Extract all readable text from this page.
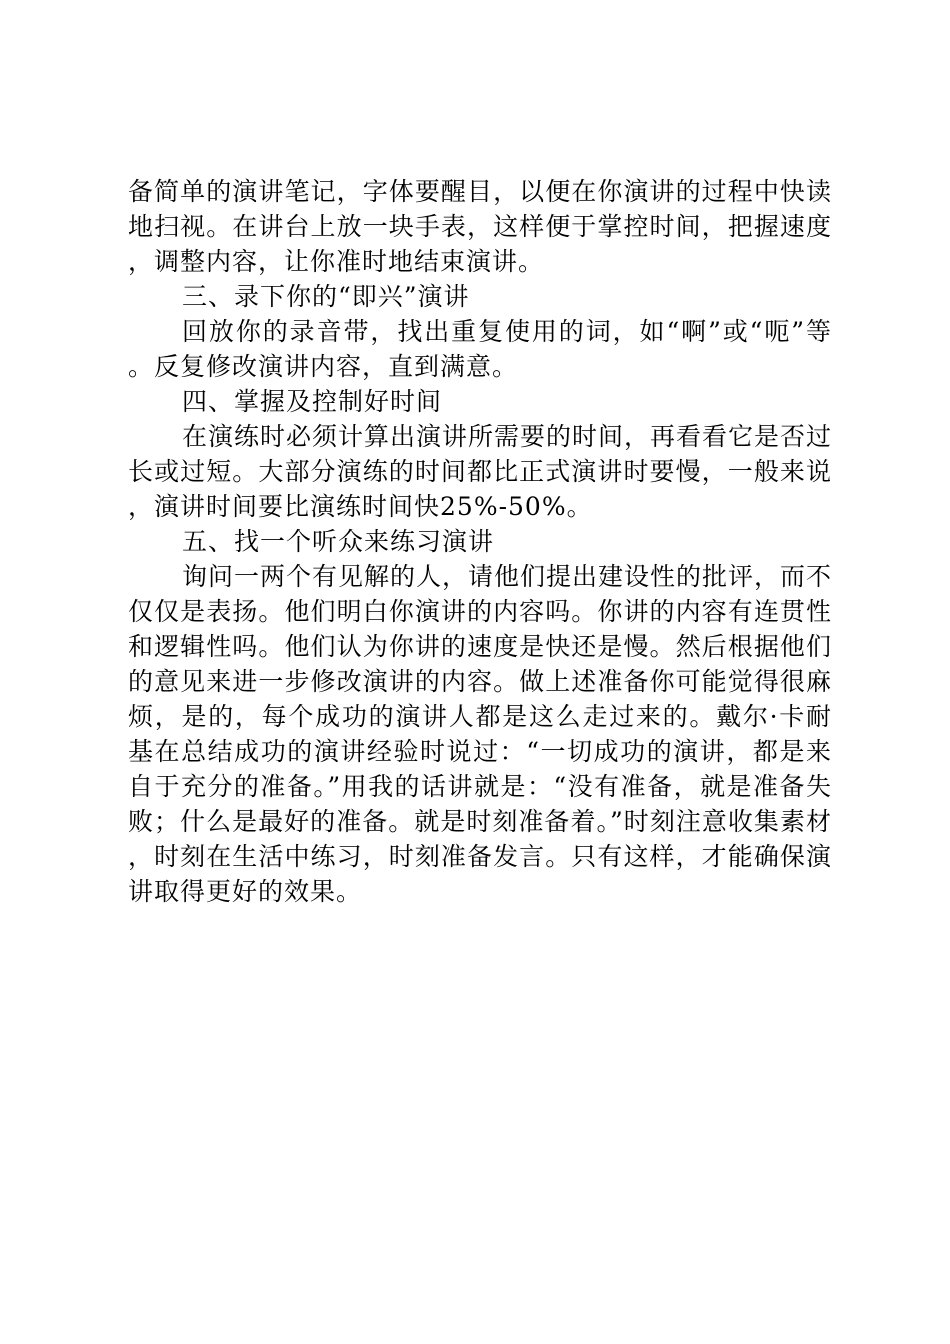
备简单的演讲笔记，字体要醒目，以便在你演讲的过程中快读地扫视。在讲台上放一块手表，这样便于掌控时间，把握速度，调整内容，让你准时地结束演讲。

三、录下你的“即兴”演讲

回放你的录音带，找出重复使用的词，如“啊”或“呃”等。反复修改演讲内容，直到满意。

四、掌握及控制好时间

在演练时必须计算出演讲所需要的时间，再看看它是否过长或过短。大部分演练的时间都比正式演讲时要慢，一般来说，演讲时间要比演练时间快25%-50%。

五、找一个听众来练习演讲

询问一两个有见解的人，请他们提出建设性的批评，而不仅仅是表扬。他们明白你演讲的内容吗。你讲的内容有连贯性和逻辑性吗。他们认为你讲的速度是快还是慢。然后根据他们的意见来进一步修改演讲的内容。做上述准备你可能觉得很麻烦，是的，每个成功的演讲人都是这么走过来的。戴尔·卡耐基在总结成功的演讲经验时说过：“一切成功的演讲，都是来自于充分的准备。”用我的话讲就是：“没有准备，就是准备失败；什么是最好的准备。就是时刻准备着。”时刻注意收集素材，时刻在生活中练习，时刻准备发言。只有这样，才能确保演讲取得更好的效果。
